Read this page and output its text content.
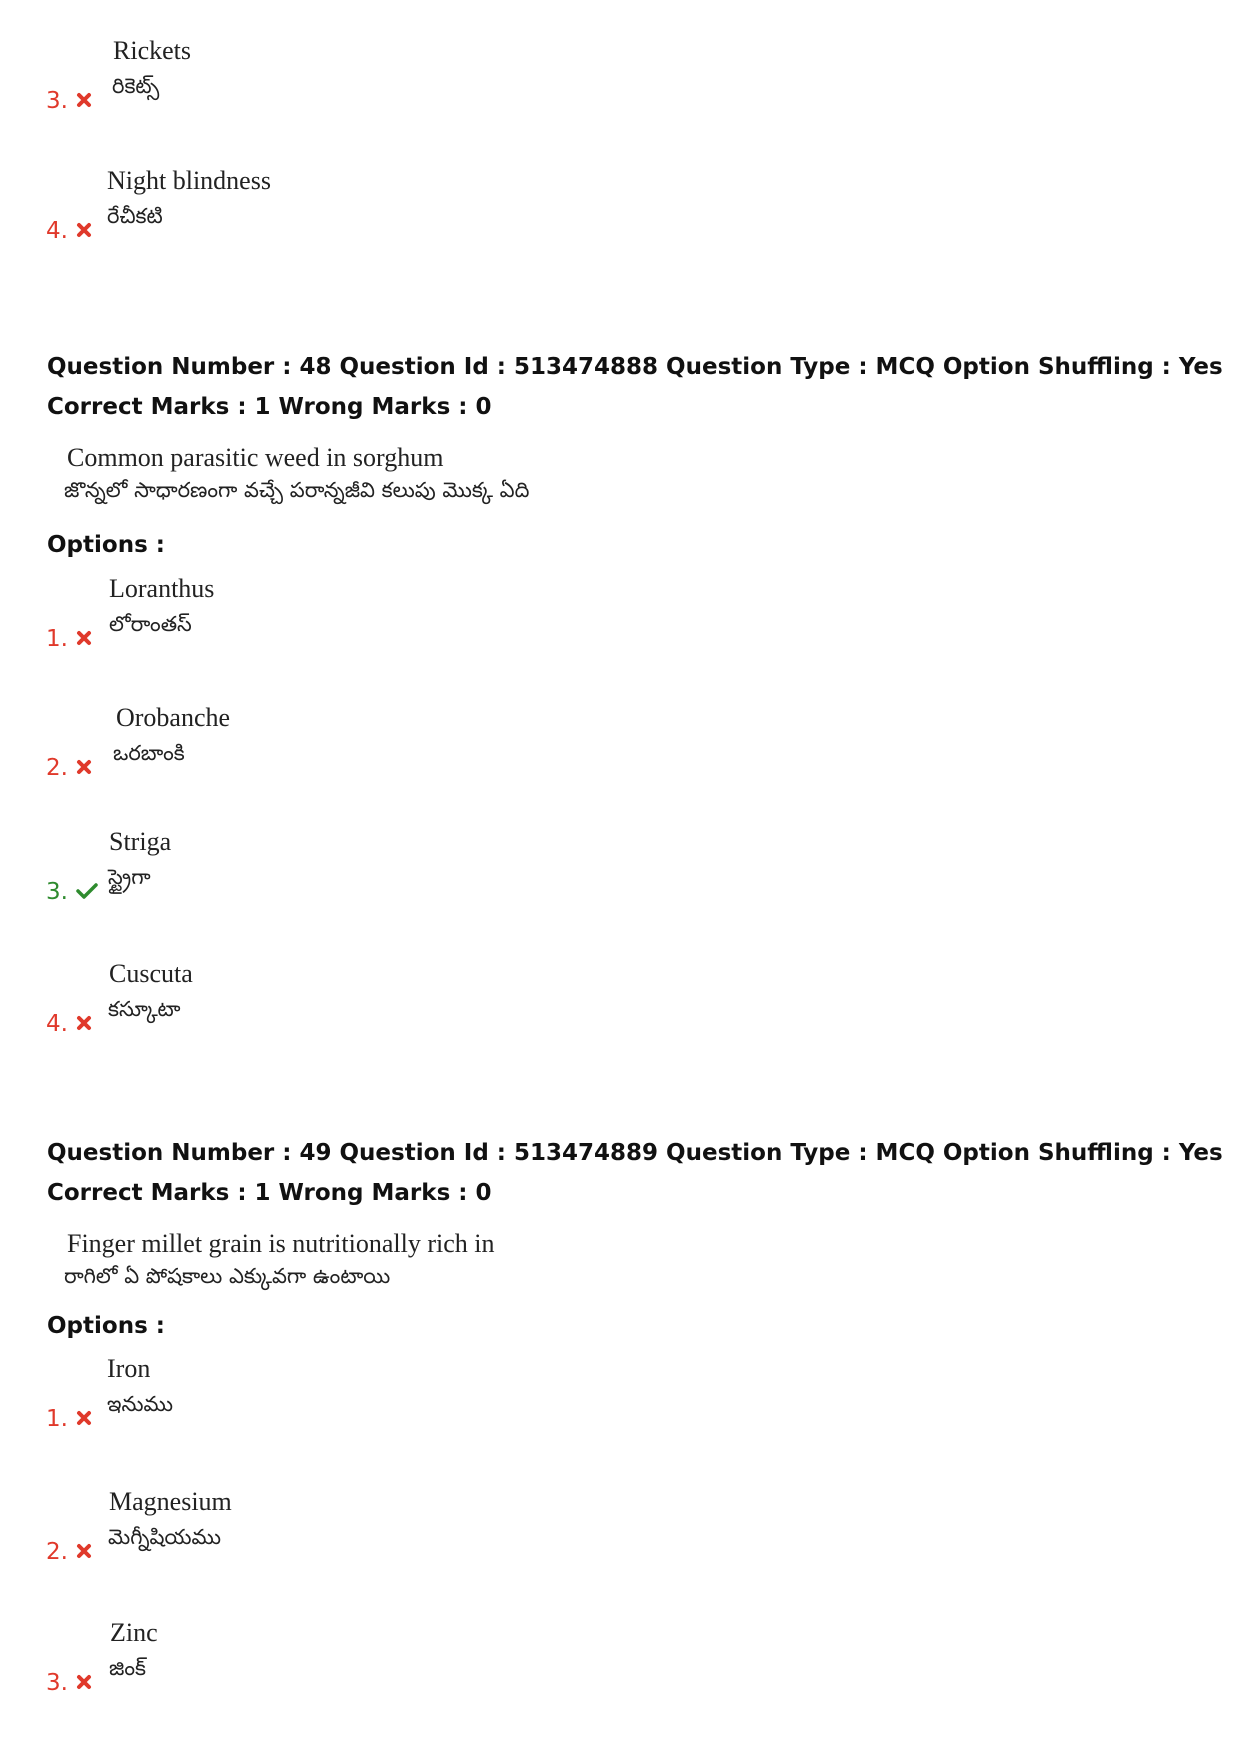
Rickets
రికెట్స్
3.
Night blindness
రేచీకటి
4.
Question Number : 48 Question Id : 513474888 Question Type : MCQ Option Shuffling : Yes
Correct Marks : 1 Wrong Marks : 0
Common parasitic weed in sorghum
జొన్నలో సాధారణంగా వచ్చే పరాన్నజీవి కలుపు మొక్క ఏది
Options :
Loranthus
లోరాంతస్
1.
Orobanche
ఒరబాంకి
2.
Striga
స్ట్రైగా
3.
Cuscuta
కస్కూటా
4.
Question Number : 49 Question Id : 513474889 Question Type : MCQ Option Shuffling : Yes
Correct Marks : 1 Wrong Marks : 0
Finger millet grain is nutritionally rich in
రాగిలో ఏ పోషకాలు ఎక్కువగా ఉంటాయి
Options :
Iron
ఇనుము
1.
Magnesium
మెగ్నీషియము
2.
Zinc
జింక్
3.
